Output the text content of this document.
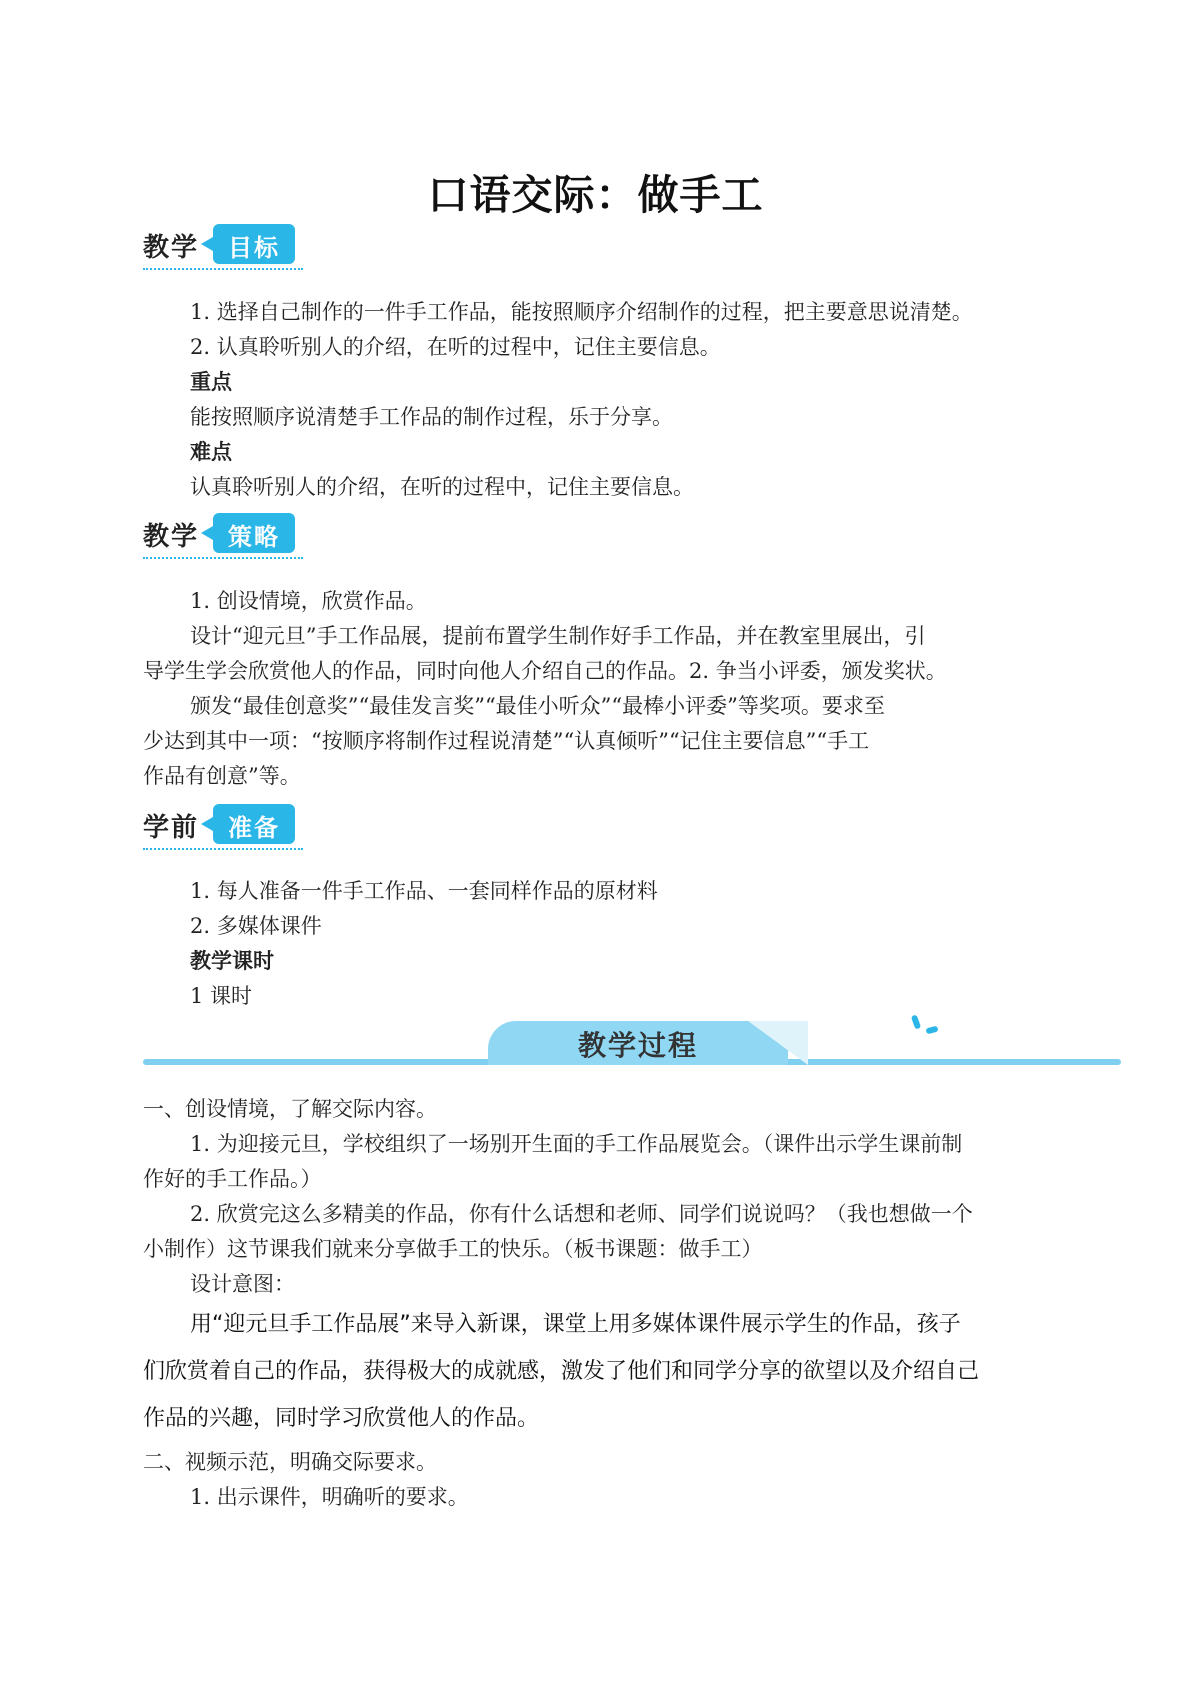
口语交际：做手工
教学	目标
1. 选择自己制作的一件手工作品，能按照顺序介绍制作的过程，把主要意思说清楚。
2. 认真聆听别人的介绍，在听的过程中，记住主要信息。
重点
能按照顺序说清楚手工作品的制作过程，乐于分享。
难点
认真聆听别人的介绍，在听的过程中，记住主要信息。
教学	策略
1. 创设情境，欣赏作品。
设计“迎元旦”手工作品展，提前布置学生制作好手工作品，并在教室里展出，引
导学生学会欣赏他人的作品，同时向他人介绍自己的作品。2. 争当小评委，颁发奖状。
颁发“最佳创意奖”“最佳发言奖”“最佳小听众”“最棒小评委”等奖项。要求至
少达到其中一项：“按顺序将制作过程说清楚”“认真倾听”“记住主要信息”“手工
作品有创意”等。
学前	准备
1. 每人准备一件手工作品、一套同样作品的原材料
2. 多媒体课件
教学课时
1 课时
教学过程
一、创设情境，了解交际内容。
1. 为迎接元旦，学校组织了一场别开生面的手工作品展览会。（课件出示学生课前制
作好的手工作品。）
2. 欣赏完这么多精美的作品，你有什么话想和老师、同学们说说吗？（我也想做一个
小制作）这节课我们就来分享做手工的快乐。（板书课题：做手工）
设计意图：
用“迎元旦手工作品展”来导入新课，课堂上用多媒体课件展示学生的作品，孩子
们欣赏着自己的作品，获得极大的成就感，激发了他们和同学分享的欲望以及介绍自己
作品的兴趣，同时学习欣赏他人的作品。
二、视频示范，明确交际要求。
1. 出示课件，明确听的要求。
